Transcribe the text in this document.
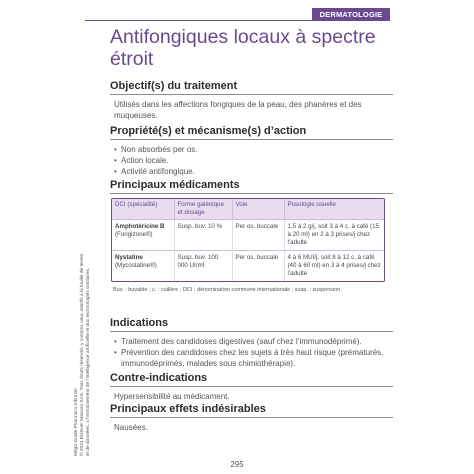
DERMATOLOGIE
Antifongiques locaux à spectre étroit
Objectif(s) du traitement

Utilisés dans les affections fongiques de la peau, des phanères et des muqueuses.

Propriété(s) et mécanisme(s) d’action
• Non absorbés per os.
• Action locale.
• Activité antifongique.
Principaux médicaments
DCI (spécialité)	Forme galénique et dosage	Voie	Posologie usuelle

Amphotéricine B
(Fungizone®)	Susp. buv. 10 %	Per os, buccale	1,5 à 2 g/j, soit 3 à 4 c. à café (15 à 20 ml) en 2 à 3 prises/j chez l’adulte

Nystatine
(Mycostatine®)	Susp. buv. 100 000 UI/ml	Per os, buccale	4 à 6 MUI/j, soit 8 à 12 c. à café (40 à 60 ml) en 3 à 4 prises/j chez l’adulte

Buv. : buvable ; c. : cuillère ; DCI : dénomination commune internationale ; susp. : suspension.

Indications
• Traitement des candidoses digestives (sauf chez l’immunodéprimé).
• Prévention des candidoses chez les sujets à très haut risque (prématurés, immunodéprimés, malades sous chimiothérapie).
Contre-indications

Hypersensibilité au médicament.

Principaux effets indésirables

Nausées.

Mégα Guide Pharmaco Infirmier © 2024 Elsevier Masson SAS. Tous droits réservés, y compris ceux relatifs à la fouille de textes et de données, à l’entraînement de l’intelligence artificielle et aux technologies similaires.
295
